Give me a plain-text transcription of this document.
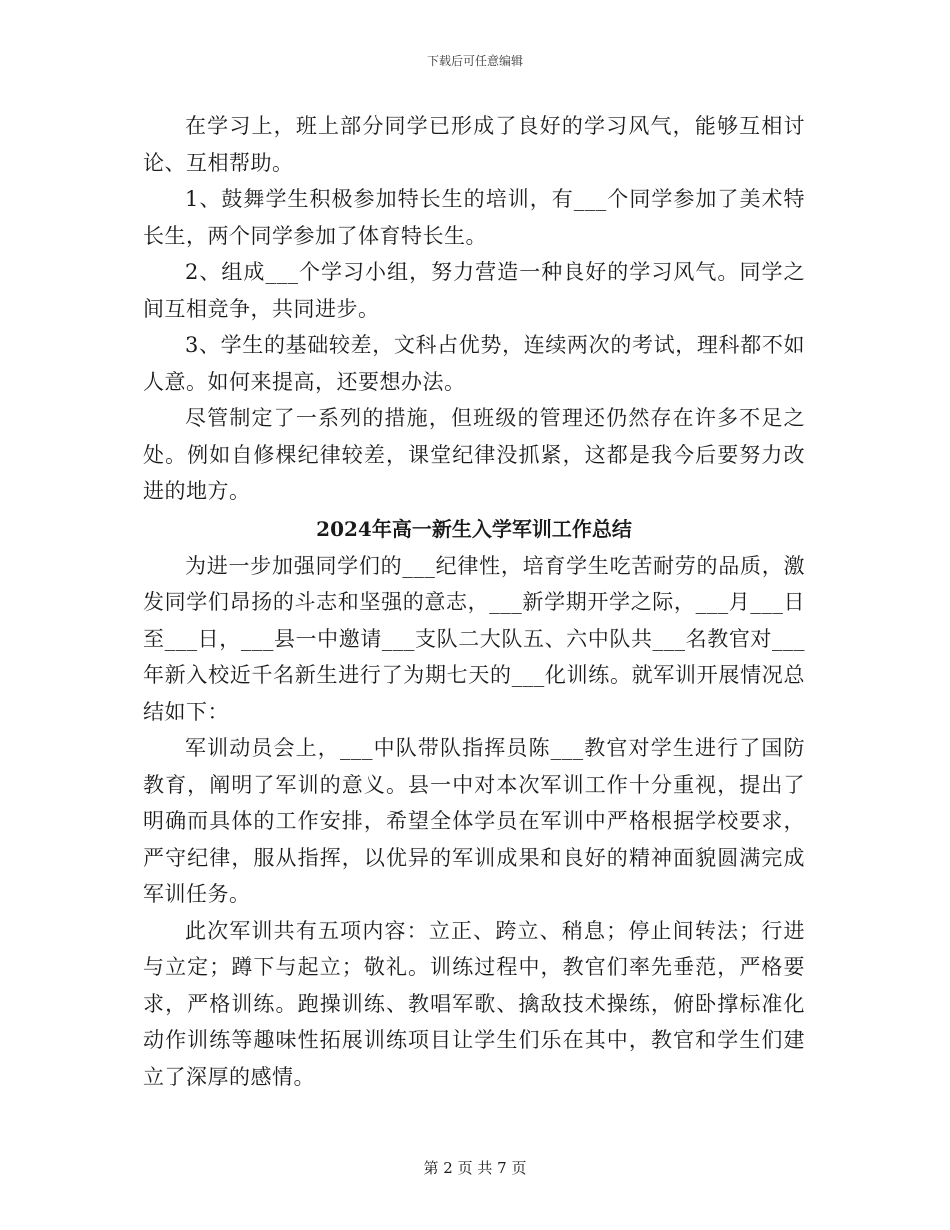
下载后可任意编辑

在学习上，班上部分同学已形成了良好的学习风气，能够互相讨论、互相帮助。

1、鼓舞学生积极参加特长生的培训，有___个同学参加了美术特长生，两个同学参加了体育特长生。

2、组成___个学习小组，努力营造一种良好的学习风气。同学之间互相竞争，共同进步。

3、学生的基础较差，文科占优势，连续两次的考试，理科都不如人意。如何来提高，还要想办法。

尽管制定了一系列的措施，但班级的管理还仍然存在许多不足之处。例如自修棵纪律较差，课堂纪律没抓紧，这都是我今后要努力改进的地方。

2024年高一新生入学军训工作总结

为进一步加强同学们的___纪律性，培育学生吃苦耐劳的品质，激发同学们昂扬的斗志和坚强的意志，___新学期开学之际，___月___日至___日，___县一中邀请___支队二大队五、六中队共___名教官对___年新入校近千名新生进行了为期七天的___化训练。就军训开展情况总结如下：

军训动员会上，___中队带队指挥员陈___教官对学生进行了国防教育，阐明了军训的意义。县一中对本次军训工作十分重视，提出了明确而具体的工作安排，希望全体学员在军训中严格根据学校要求，严守纪律，服从指挥，以优异的军训成果和良好的精神面貌圆满完成军训任务。

此次军训共有五项内容：立正、跨立、稍息；停止间转法；行进与立定；蹲下与起立；敬礼。训练过程中，教官们率先垂范，严格要求，严格训练。跑操训练、教唱军歌、擒敌技术操练，俯卧撑标准化动作训练等趣味性拓展训练项目让学生们乐在其中，教官和学生们建立了深厚的感情。

第 2 页 共 7 页
